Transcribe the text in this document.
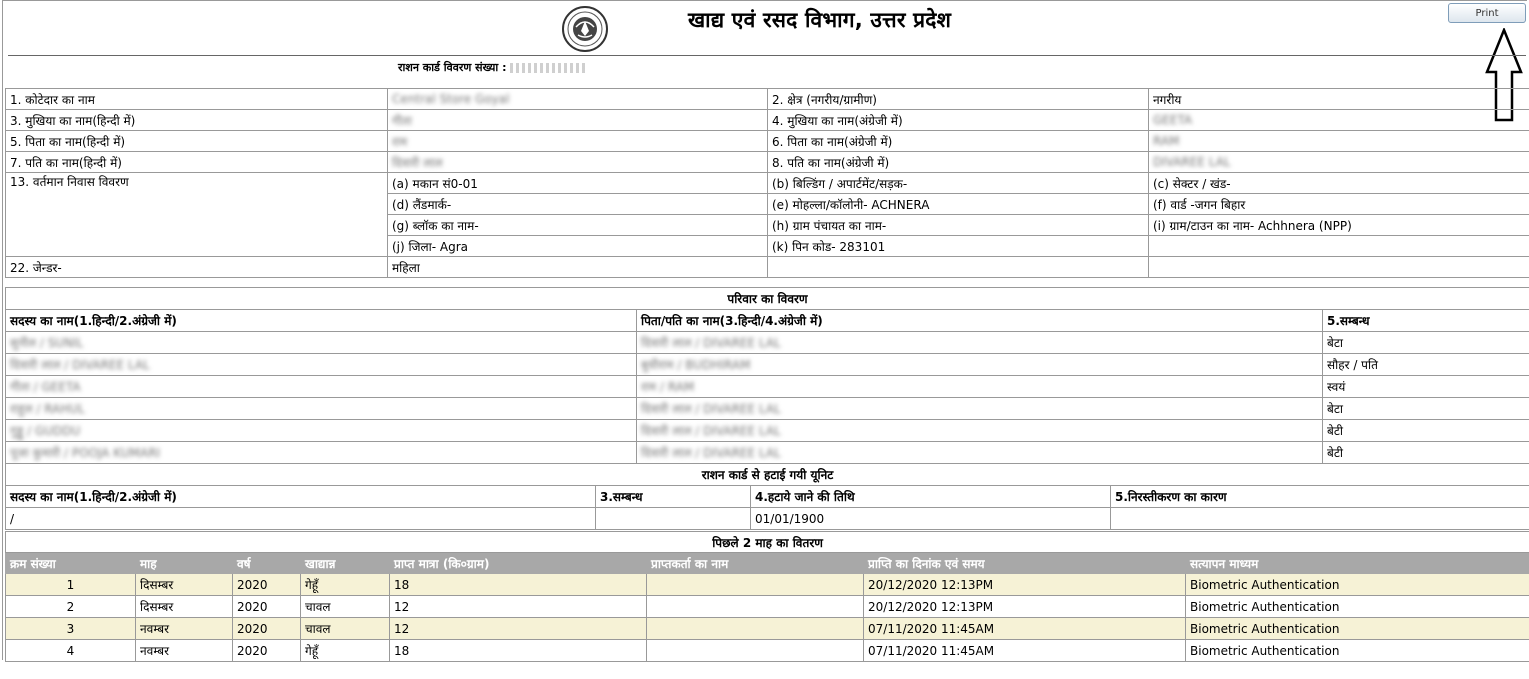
खाद्य एवं रसद विभाग, उत्तर प्रदेश	Print
राशन कार्ड विवरण संख्या :
1. कोटेदार का नाम	Central Store Goyal	2. क्षेत्र (नगरीय/ग्रामीण)	नगरीय
3. मुखिया का नाम(हिन्दी में)	गीता	4. मुखिया का नाम(अंग्रेजी में)	GEETA
5. पिता का नाम(हिन्दी में)	राम	6. पिता का नाम(अंग्रेजी में)	RAM
7. पति का नाम(हिन्दी में)	दिवारी लाल	8. पति का नाम(अंग्रेजी में)	DIVAREE LAL
13. वर्तमान निवास विवरण	(a) मकान सं0-01	(b) बिल्डिंग / अपार्टमेंट/सड़क-	(c) सेक्टर / खंड-
	(d) लैंडमार्क-	(e) मोहल्ला/कॉलोनी- ACHNERA	(f) वार्ड -जगन बिहार
	(g) ब्लॉक का नाम-	(h) ग्राम पंचायत का नाम-	(i) ग्राम/टाउन का नाम- Achhnera (NPP)
	(j) जिला- Agra	(k) पिन कोड- 283101	
22. जेन्डर-	महिला		
परिवार का विवरण		
सदस्य का नाम(1.हिन्दी/2.अंग्रेजी में)	पिता/पति का नाम(3.हिन्दी/4.अंग्रेजी में)	5.सम्बन्ध
सुनील / SUNIL	दिवारी लाल / DIVAREE LAL	बेटा
दिवारी लाल / DIVAREE LAL	बुधीराम / BUDHIRAM	सौहर / पति
गीता / GEETA	राम / RAM	स्वयं
राहुल / RAHUL	दिवारी लाल / DIVAREE LAL	बेटा
गुड्डू / GUDDU	दिवारी लाल / DIVAREE LAL	बेटी
पूजा कुमारी / POOJA KUMARI	दिवारी लाल / DIVAREE LAL	बेटी
राशन कार्ड से हटाई गयी यूनिट			
सदस्य का नाम(1.हिन्दी/2.अंग्रेजी में)	3.सम्बन्ध	4.हटाये जाने की तिथि	5.निरस्तीकरण का कारण
/		01/01/1900	
पिछले 2 माह का वितरण							
क्रम संख्या	माह	वर्ष	खाद्यान्न	प्राप्त मात्रा (कि०ग्राम)	प्राप्तकर्ता का नाम	प्राप्ति का दिनांक एवं समय	सत्यापन माध्यम
1	दिसम्बर	2020	गेहूँ	18		20/12/2020 12:13PM	Biometric Authentication
2	दिसम्बर	2020	चावल	12		20/12/2020 12:13PM	Biometric Authentication
3	नवम्बर	2020	चावल	12		07/11/2020 11:45AM	Biometric Authentication
4	नवम्बर	2020	गेहूँ	18		07/11/2020 11:45AM	Biometric Authentication
